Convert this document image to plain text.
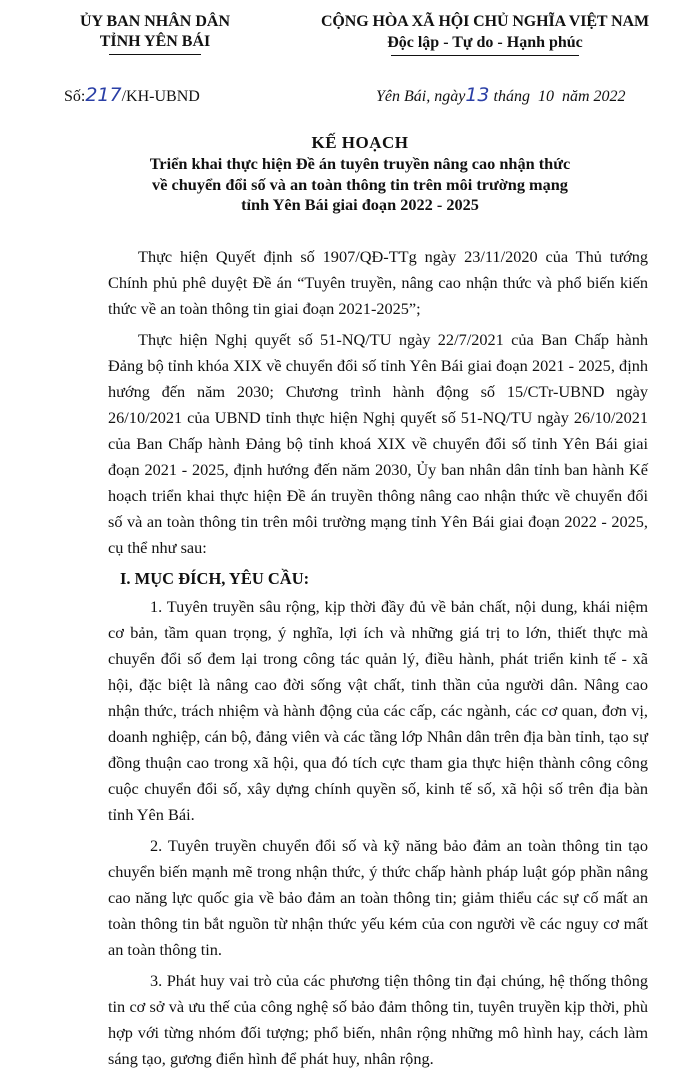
ỦY BAN NHÂN DÂN
TỈNH YÊN BÁI
CỘNG HÒA XÃ HỘI CHỦ NGHĨA VIỆT NAM
Độc lập - Tự do - Hạnh phúc
Số:217/KH-UBND	Yên Bái, ngày13 tháng  10  năm 2022
KẾ HOẠCH
Triển khai thực hiện Đề án tuyên truyền nâng cao nhận thức
về chuyển đổi số và an toàn thông tin trên môi trường mạng
tỉnh Yên Bái giai đoạn 2022 - 2025

Thực hiện Quyết định số 1907/QĐ-TTg ngày 23/11/2020 của Thủ tướng Chính phủ phê duyệt Đề án “Tuyên truyền, nâng cao nhận thức và phổ biến kiến thức về an toàn thông tin giai đoạn 2021-2025”;

Thực hiện Nghị quyết số 51-NQ/TU ngày 22/7/2021 của Ban Chấp hành Đảng bộ tỉnh khóa XIX về chuyển đổi số tỉnh Yên Bái giai đoạn 2021 - 2025, định hướng đến năm 2030; Chương trình hành động số 15/CTr-UBND ngày 26/10/2021 của UBND tỉnh thực hiện Nghị quyết số 51-NQ/TU ngày 26/10/2021 của Ban Chấp hành Đảng bộ tỉnh khoá XIX về chuyển đổi số tỉnh Yên Bái giai đoạn 2021 - 2025, định hướng đến năm 2030, Ủy ban nhân dân tỉnh ban hành Kế hoạch triển khai thực hiện Đề án truyền thông nâng cao nhận thức về chuyển đổi số và an toàn thông tin trên môi trường mạng tỉnh Yên Bái giai đoạn 2022 - 2025, cụ thể như sau:

I. MỤC ĐÍCH, YÊU CẦU:

1. Tuyên truyền sâu rộng, kịp thời đầy đủ về bản chất, nội dung, khái niệm cơ bản, tầm quan trọng, ý nghĩa, lợi ích và những giá trị to lớn, thiết thực mà chuyển đổi số đem lại trong công tác quản lý, điều hành, phát triển kinh tế - xã hội, đặc biệt là nâng cao đời sống vật chất, tinh thần của người dân. Nâng cao nhận thức, trách nhiệm và hành động của các cấp, các ngành, các cơ quan, đơn vị, doanh nghiệp, cán bộ, đảng viên và các tầng lớp Nhân dân trên địa bàn tỉnh, tạo sự đồng thuận cao trong xã hội, qua đó tích cực tham gia thực hiện thành công công cuộc chuyển đổi số, xây dựng chính quyền số, kinh tế số, xã hội số trên địa bàn tỉnh Yên Bái.

2. Tuyên truyền chuyển đổi số và kỹ năng bảo đảm an toàn thông tin tạo chuyển biến mạnh mẽ trong nhận thức, ý thức chấp hành pháp luật góp phần nâng cao năng lực quốc gia về bảo đảm an toàn thông tin; giảm thiểu các sự cố mất an toàn thông tin bắt nguồn từ nhận thức yếu kém của con người về các nguy cơ mất an toàn thông tin.

3. Phát huy vai trò của các phương tiện thông tin đại chúng, hệ thống thông tin cơ sở và ưu thế của công nghệ số bảo đảm thông tin, tuyên truyền kịp thời, phù hợp với từng nhóm đối tượng; phổ biến, nhân rộng những mô hình hay, cách làm sáng tạo, gương điển hình để phát huy, nhân rộng.
